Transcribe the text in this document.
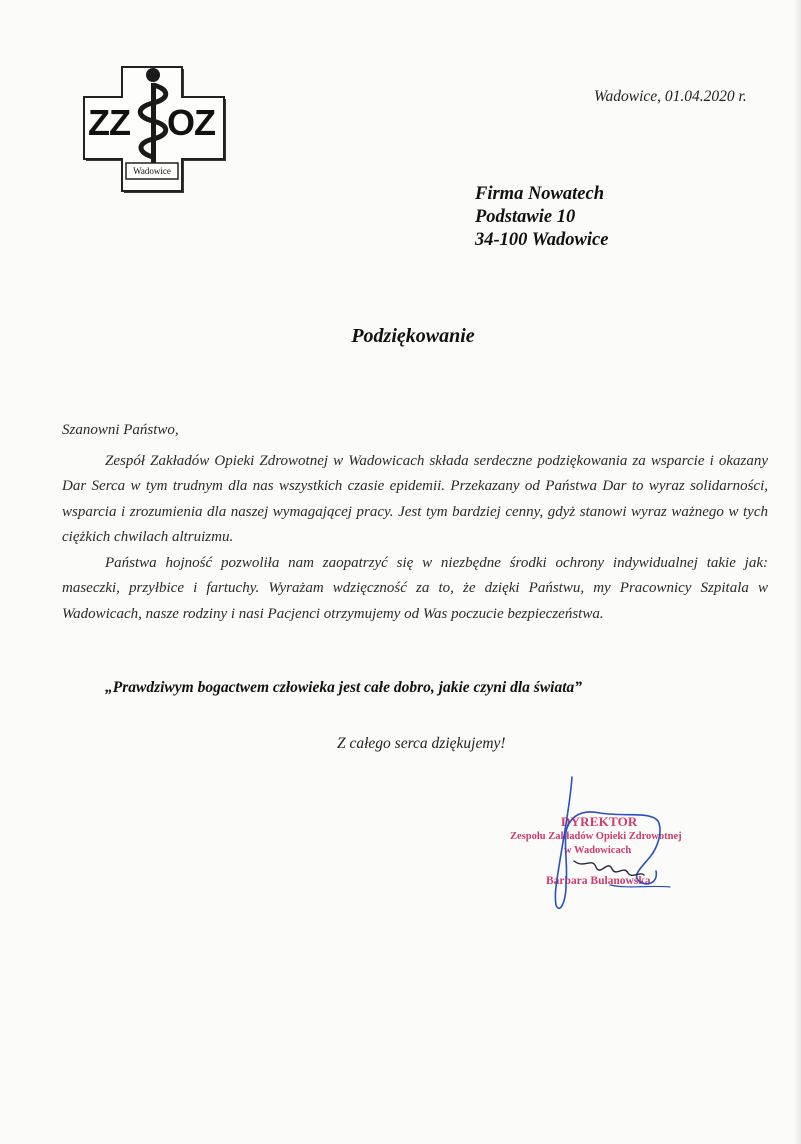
ZZ OZ
Wadowice
Wadowice, 01.04.2020 r.
Firma Nowatech
Podstawie 10
34-100 Wadowice
Podziękowanie

Szanowni Państwo,

Zespół Zakładów Opieki Zdrowotnej w Wadowicach składa serdeczne podziękowania za wsparcie i okazany Dar Serca w tym trudnym dla nas wszystkich czasie epidemii. Przekazany od Państwa Dar to wyraz solidarności, wsparcia i zrozumienia dla naszej wymagającej pracy. Jest tym bardziej cenny, gdyż stanowi wyraz ważnego w tych ciężkich chwilach altruizmu.

Państwa hojność pozwoliła nam zaopatrzyć się w niezbędne środki ochrony indywidualnej takie jak: maseczki, przyłbice i fartuchy. Wyrażam wdzięczność za to, że dzięki Państwu, my Pracownicy Szpitala w Wadowicach, nasze rodziny i nasi Pacjenci otrzymujemy od Was poczucie bezpieczeństwa.

„Prawdziwym bogactwem człowieka jest całe dobro, jakie czyni dla świata”
Z całego serca dziękujemy!
DYREKTOR
Zespołu Zakładów Opieki Zdrowotnej
w Wadowicach
Barbara Bulanowska
